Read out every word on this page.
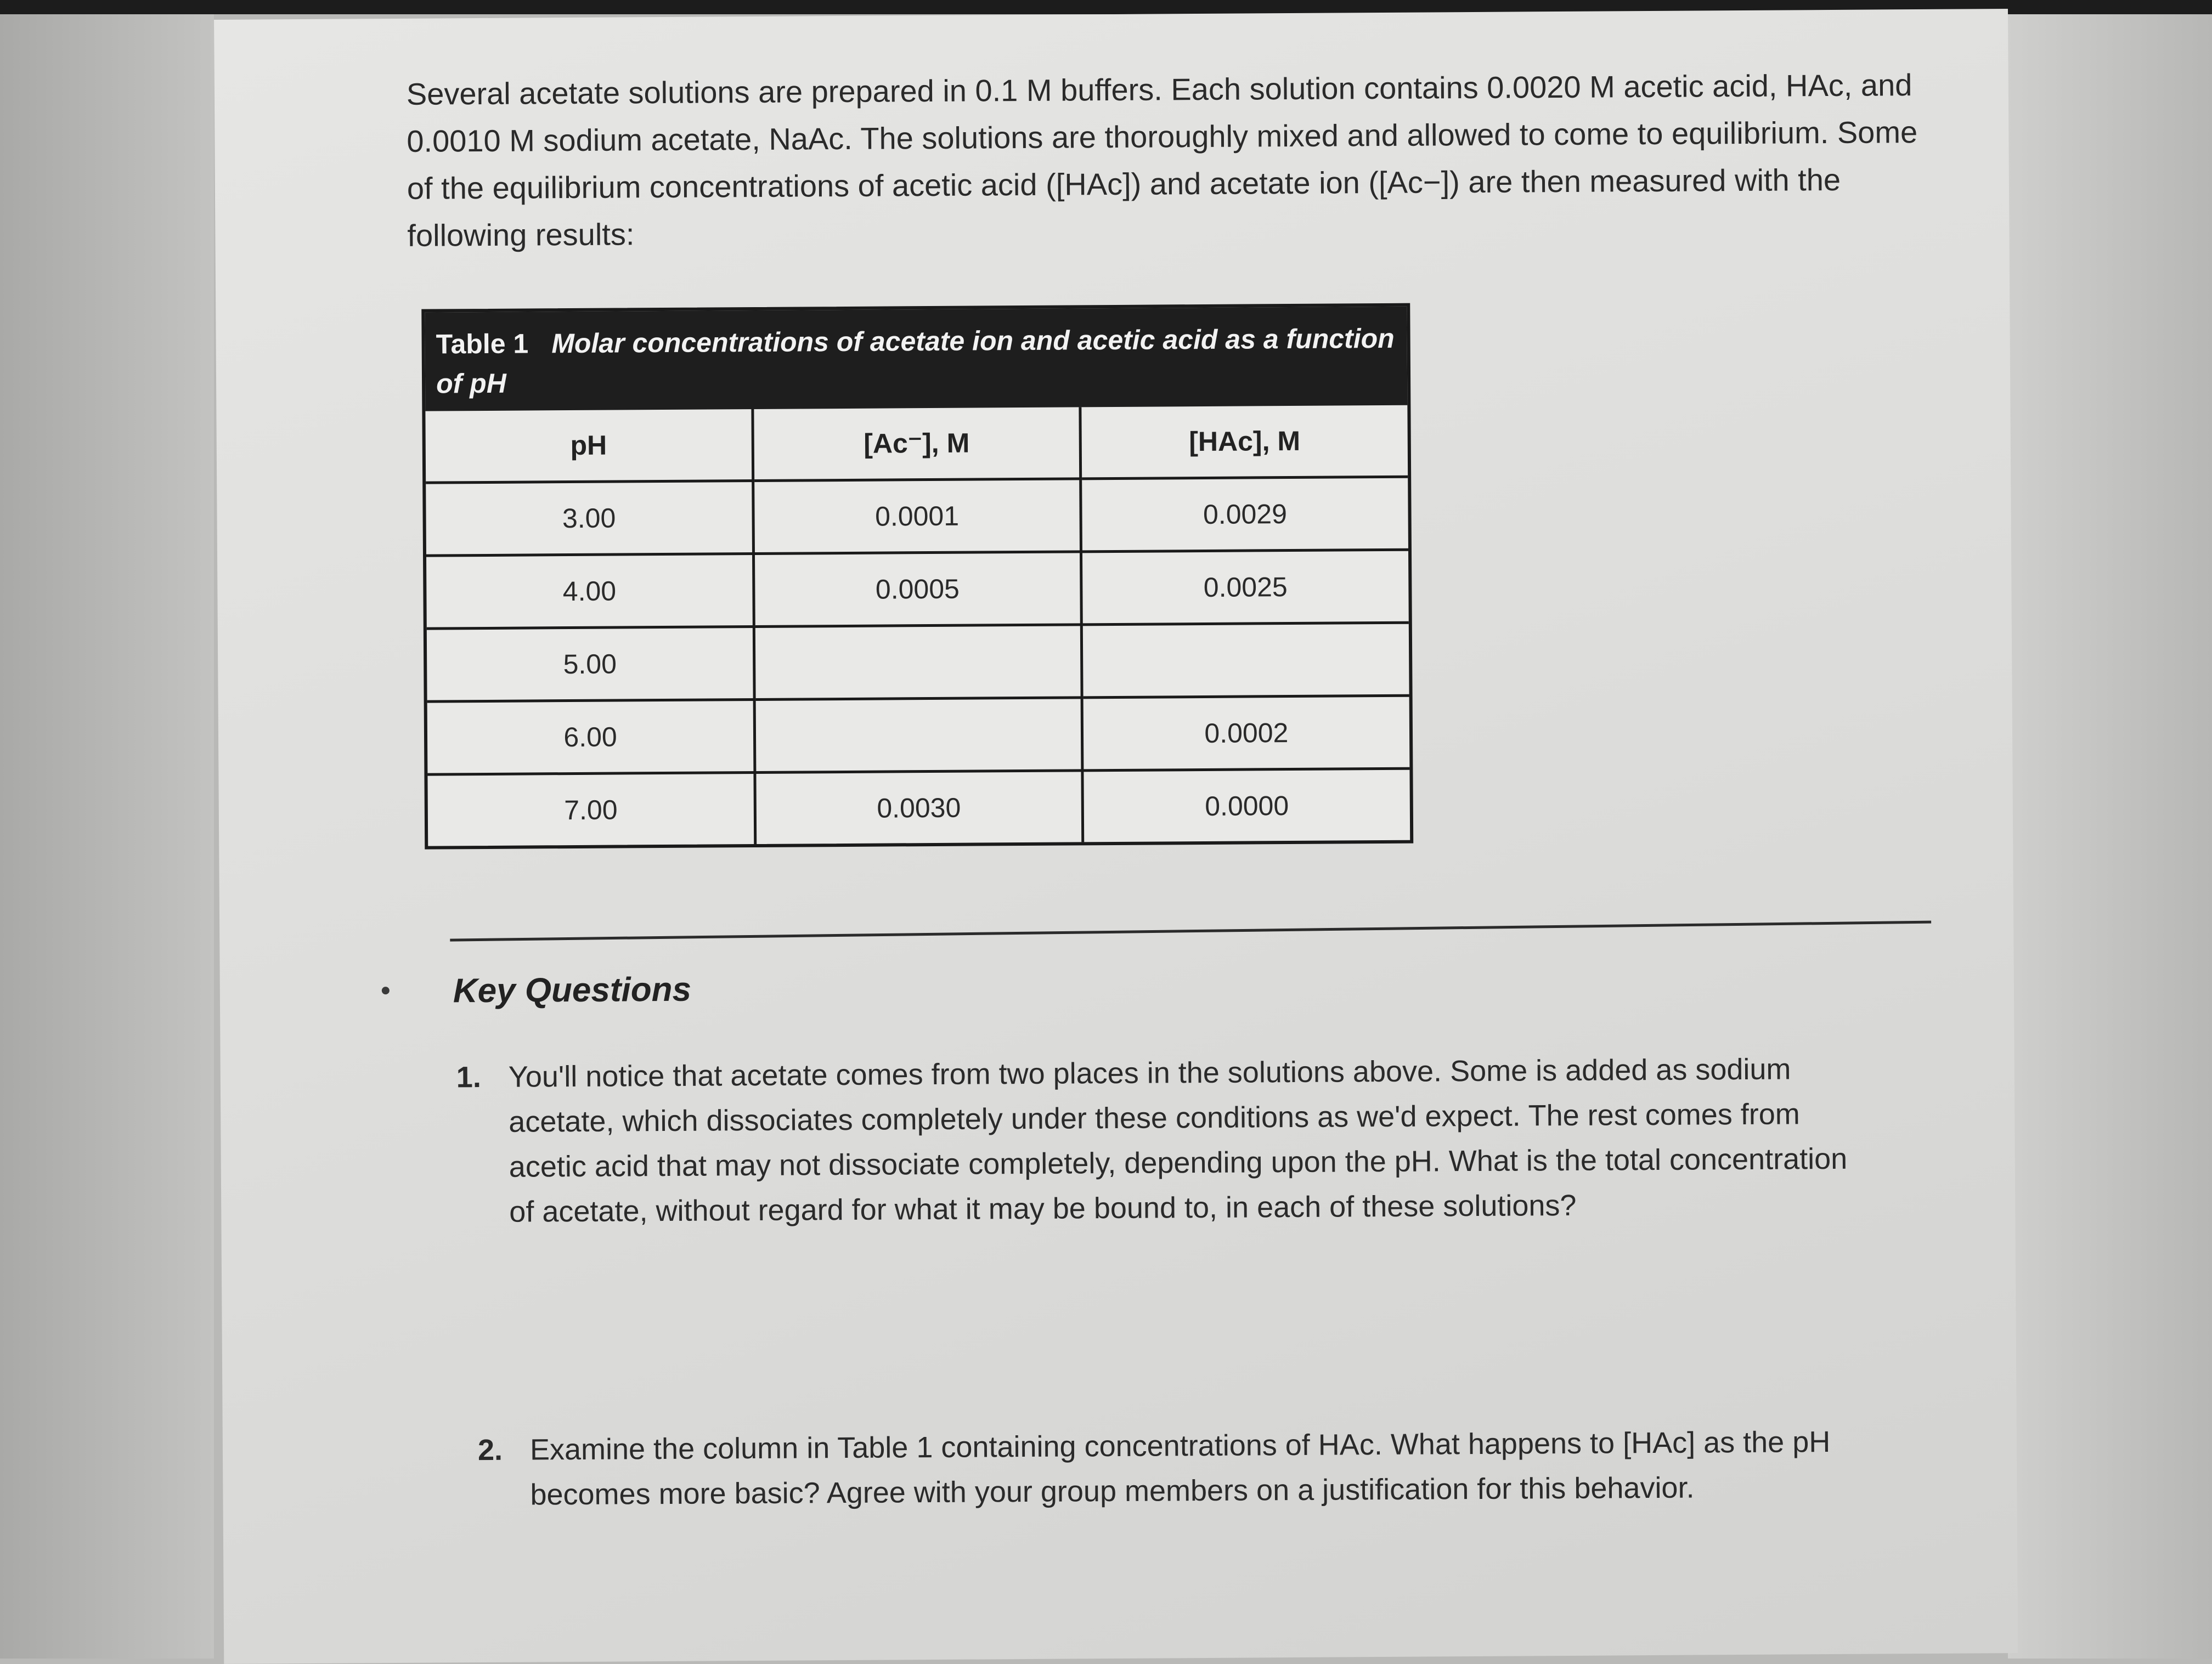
Several acetate solutions are prepared in 0.1 M buffers. Each solution contains 0.0020 M acetic acid, HAc, and 0.0010 M sodium acetate, NaAc. The solutions are thoroughly mixed and allowed to come to equilibrium. Some of the equilibrium concentrations of acetic acid ([HAc]) and acetate ion ([Ac−]) are then measured with the following results:

Table 1 Molar concentrations of acetate ion and acetic acid as a function of pH
pH	[Ac⁻], M	[HAc], M
3.00	0.0001	0.0029
4.00	0.0005	0.0025
5.00		
6.00		0.0002
7.00	0.0030	0.0000
Key Questions

1. You'll notice that acetate comes from two places in the solutions above. Some is added as sodium acetate, which dissociates completely under these conditions as we'd expect. The rest comes from acetic acid that may not dissociate completely, depending upon the pH. What is the total concentration of acetate, without regard for what it may be bound to, in each of these solutions?

2. Examine the column in Table 1 containing concentrations of HAc. What happens to [HAc] as the pH becomes more basic? Agree with your group members on a justification for this behavior.
